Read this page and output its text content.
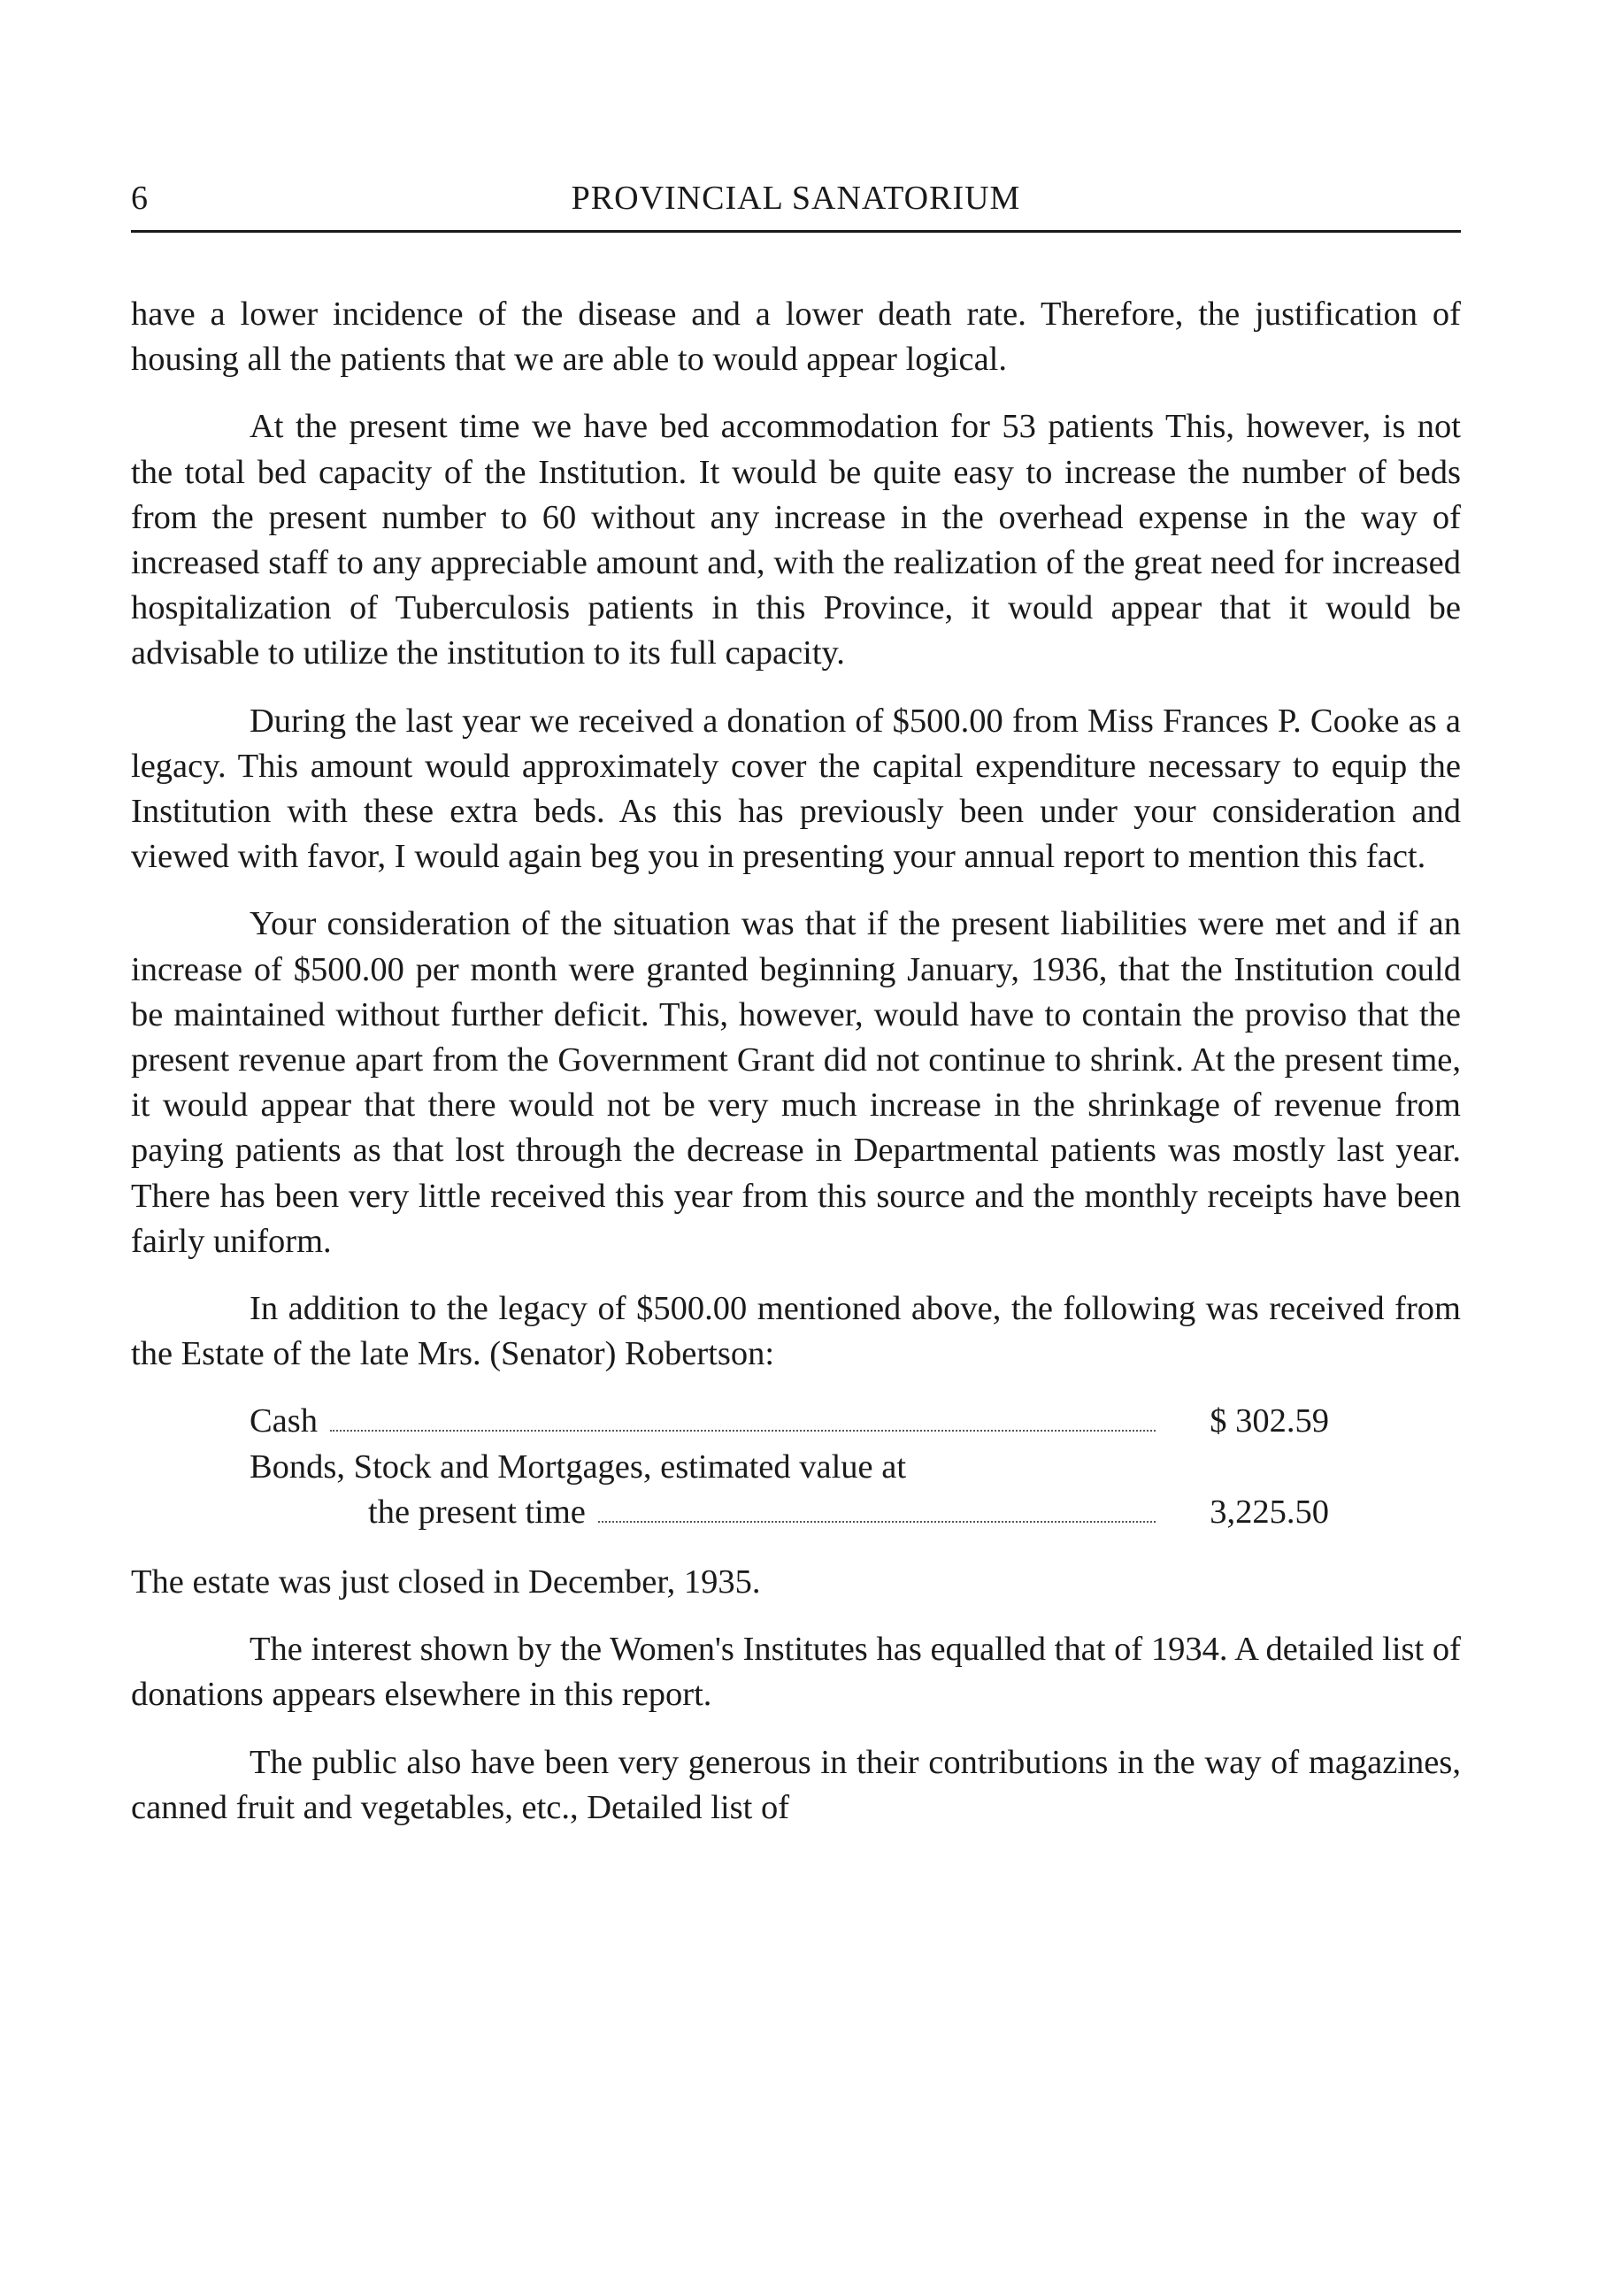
6	PROVINCIAL SANATORIUM

have a lower incidence of the disease and a lower death rate. Therefore, the justification of housing all the patients that we are able to would appear logical.

At the present time we have bed accommodation for 53 patients This, however, is not the total bed capacity of the Institution. It would be quite easy to increase the number of beds from the present number to 60 without any increase in the overhead expense in the way of increased staff to any appreciable amount and, with the realization of the great need for increased hospitalization of Tuberculosis patients in this Province, it would appear that it would be advisable to utilize the institution to its full capacity.

During the last year we received a donation of $500.00 from Miss Frances P. Cooke as a legacy. This amount would approximately cover the capital expenditure necessary to equip the Institution with these extra beds. As this has previously been under your consideration and viewed with favor, I would again beg you in presenting your annual report to mention this fact.

Your consideration of the situation was that if the present liabilities were met and if an increase of $500.00 per month were granted beginning January, 1936, that the Institution could be maintained without further deficit. This, however, would have to contain the proviso that the present revenue apart from the Government Grant did not continue to shrink. At the present time, it would appear that there would not be very much increase in the shrinkage of revenue from paying patients as that lost through the decrease in Departmental patients was mostly last year. There has been very little received this year from this source and the monthly receipts have been fairly uniform.

In addition to the legacy of $500.00 mentioned above, the following was received from the Estate of the late Mrs. (Senator) Robertson:

Cash	$ 302.59
Bonds, Stock and Mortgages, estimated value at
the present time	3,225.50

The estate was just closed in December, 1935.

The interest shown by the Women's Institutes has equalled that of 1934. A detailed list of donations appears elsewhere in this report.

The public also have been very generous in their contributions in the way of magazines, canned fruit and vegetables, etc., Detailed list of
